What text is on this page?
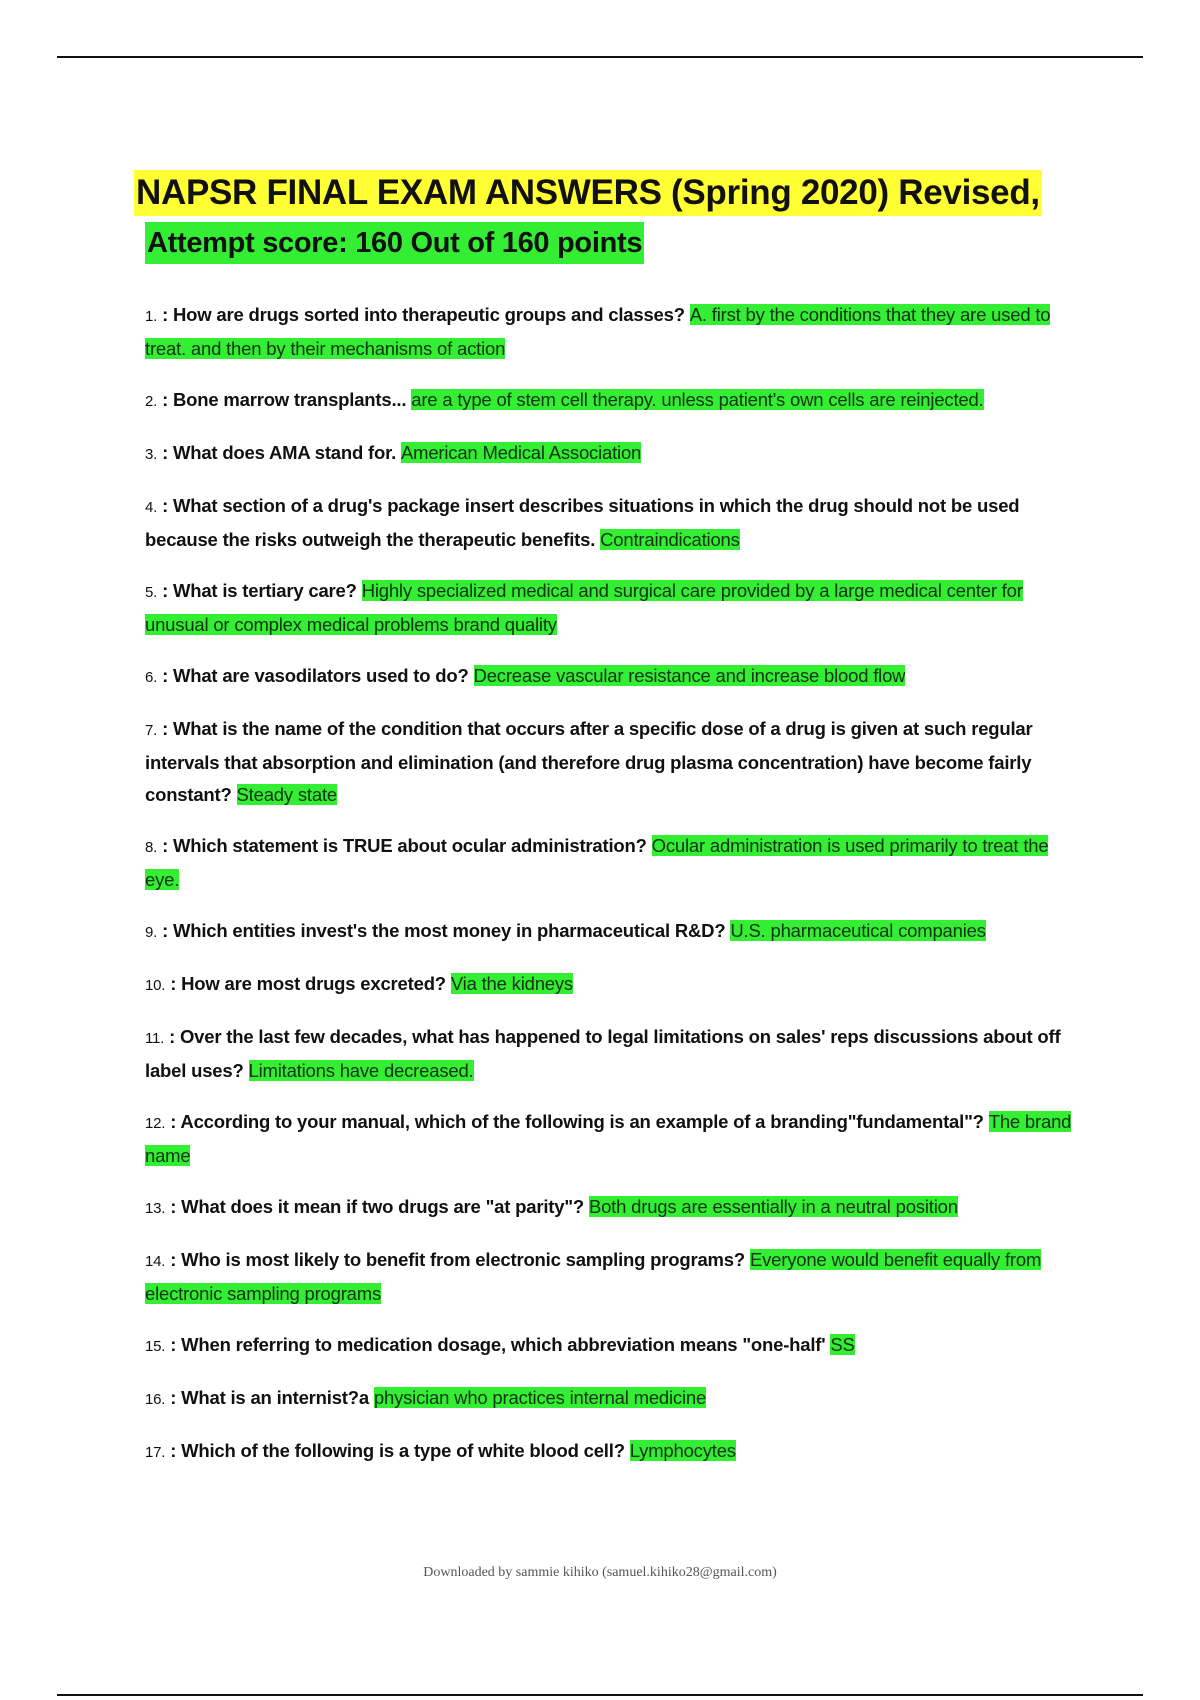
NAPSR FINAL EXAM ANSWERS (Spring 2020) Revised,
Attempt score: 160 Out of 160 points
1. : How are drugs sorted into therapeutic groups and classes? A. first by the conditions that they are used to treat. and then by their mechanisms of action
2. : Bone marrow transplants... are a type of stem cell therapy. unless patient's own cells are reinjected.
3. : What does AMA stand for. American Medical Association
4. : What section of a drug's package insert describes situations in which the drug should not be used because the risks outweigh the therapeutic benefits. Contraindications
5. : What is tertiary care? Highly specialized medical and surgical care provided by a large medical center for unusual or complex medical problems brand quality
6. : What are vasodilators used to do? Decrease vascular resistance and increase blood flow
7. : What is the name of the condition that occurs after a specific dose of a drug is given at such regular intervals that absorption and elimination (and therefore drug plasma concentration) have become fairly constant? Steady state
8. : Which statement is TRUE about ocular administration? Ocular administration is used primarily to treat the eye.
9. : Which entities invest's the most money in pharmaceutical R&D? U.S. pharmaceutical companies
10. : How are most drugs excreted? Via the kidneys
11. : Over the last few decades, what has happened to legal limitations on sales' reps discussions about off label uses? Limitations have decreased.
12. : According to your manual, which of the following is an example of a branding"fundamental"? The brand name
13. : What does it mean if two drugs are "at parity"? Both drugs are essentially in a neutral position
14. : Who is most likely to benefit from electronic sampling programs? Everyone would benefit equally from electronic sampling programs
15. : When referring to medication dosage, which abbreviation means "one-half' SS
16. : What is an internist?a physician who practices internal medicine
17. : Which of the following is a type of white blood cell? Lymphocytes
Downloaded by sammie kihiko (samuel.kihiko28@gmail.com)
